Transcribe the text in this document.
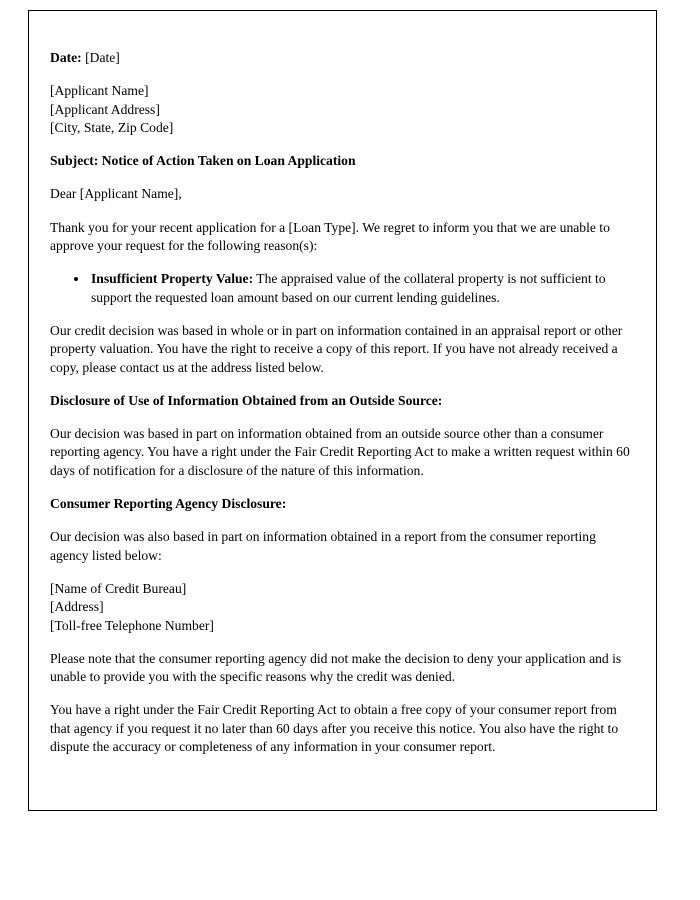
Date: [Date]

[Applicant Name]
[Applicant Address]
[City, State, Zip Code]

Subject: Notice of Action Taken on Loan Application

Dear [Applicant Name],

Thank you for your recent application for a [Loan Type]. We regret to inform you that we are unable to approve your request for the following reason(s):

• Insufficient Property Value: The appraised value of the collateral property is not sufficient to support the requested loan amount based on our current lending guidelines.

Our credit decision was based in whole or in part on information contained in an appraisal report or other property valuation. You have the right to receive a copy of this report. If you have not already received a copy, please contact us at the address listed below.

Disclosure of Use of Information Obtained from an Outside Source:

Our decision was based in part on information obtained from an outside source other than a consumer reporting agency. You have a right under the Fair Credit Reporting Act to make a written request within 60 days of notification for a disclosure of the nature of this information.

Consumer Reporting Agency Disclosure:

Our decision was also based in part on information obtained in a report from the consumer reporting agency listed below:

[Name of Credit Bureau]
[Address]
[Toll-free Telephone Number]

Please note that the consumer reporting agency did not make the decision to deny your application and is unable to provide you with the specific reasons why the credit was denied.

You have a right under the Fair Credit Reporting Act to obtain a free copy of your consumer report from that agency if you request it no later than 60 days after you receive this notice. You also have the right to dispute the accuracy or completeness of any information in your consumer report.
